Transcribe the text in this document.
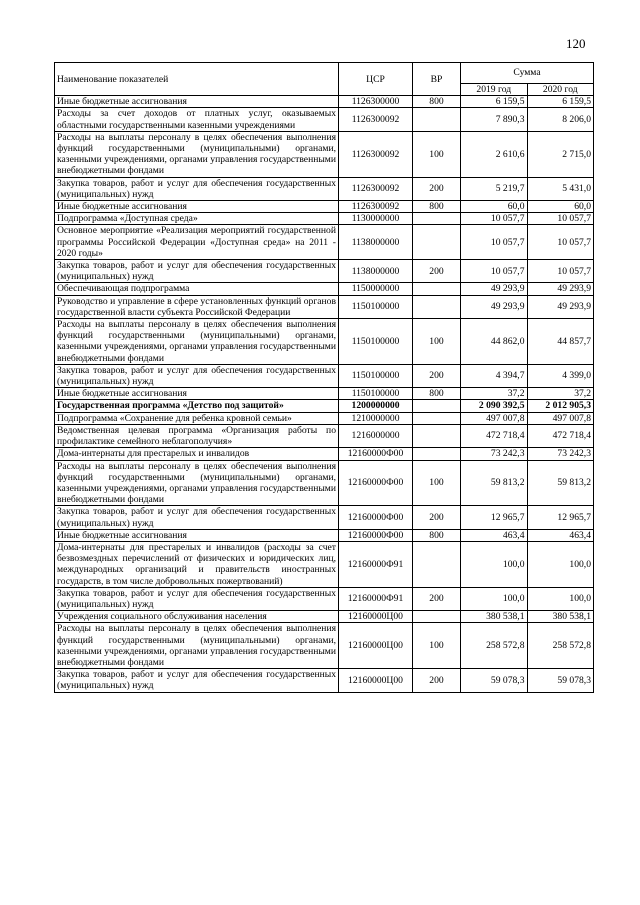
120
Наименование показателей	ЦСР	ВР	Сумма	
			2019 год	2020 год
Иные бюджетные ассигнования	1126300000	800	6 159,5	6 159,5
Расходы за счет доходов от платных услуг, оказываемых областными государственными казенными учреждениями	1126300092		7 890,3	8 206,0
Расходы на выплаты персоналу в целях обеспечения выполнения функций государственными (муниципальными) органами, казенными учреждениями, органами управления государственными внебюджетными фондами	1126300092	100	2 610,6	2 715,0
Закупка товаров, работ и услуг для обеспечения государственных (муниципальных) нужд	1126300092	200	5 219,7	5 431,0
Иные бюджетные ассигнования	1126300092	800	60,0	60,0
Подпрограмма «Доступная среда»	1130000000		10 057,7	10 057,7
Основное мероприятие «Реализация мероприятий государственной программы Российской Федерации «Доступная среда» на 2011 - 2020 годы»	1138000000		10 057,7	10 057,7
Закупка товаров, работ и услуг для обеспечения государственных (муниципальных) нужд	1138000000	200	10 057,7	10 057,7
Обеспечивающая подпрограмма	1150000000		49 293,9	49 293,9
Руководство и управление в сфере установленных функций органов государственной власти субъекта Российской Федерации	1150100000		49 293,9	49 293,9
Расходы на выплаты персоналу в целях обеспечения выполнения функций государственными (муниципальными) органами, казенными учреждениями, органами управления государственными внебюджетными фондами	1150100000	100	44 862,0	44 857,7
Закупка товаров, работ и услуг для обеспечения государственных (муниципальных) нужд	1150100000	200	4 394,7	4 399,0
Иные бюджетные ассигнования	1150100000	800	37,2	37,2
Государственная программа «Детство под защитой»	1200000000		2 090 392,5	2 012 905,3
Подпрограмма «Сохранение для ребенка кровной семьи»	1210000000		497 007,8	497 007,8
Ведомственная целевая программа «Организация работы по профилактике семейного неблагополучия»	1216000000		472 718,4	472 718,4
Дома-интернаты для престарелых и инвалидов	12160000Ф00		73 242,3	73 242,3
Расходы на выплаты персоналу в целях обеспечения выполнения функций государственными (муниципальными) органами, казенными учреждениями, органами управления государственными внебюджетными фондами	12160000Ф00	100	59 813,2	59 813,2
Закупка товаров, работ и услуг для обеспечения государственных (муниципальных) нужд	12160000Ф00	200	12 965,7	12 965,7
Иные бюджетные ассигнования	12160000Ф00	800	463,4	463,4
Дома-интернаты для престарелых и инвалидов (расходы за счет безвозмездных перечислений от физических и юридических лиц, международных организаций и правительств иностранных государств, в том числе добровольных пожертвований)	12160000Ф91		100,0	100,0
Закупка товаров, работ и услуг для обеспечения государственных (муниципальных) нужд	12160000Ф91	200	100,0	100,0
Учреждения социального обслуживания населения	12160000Ц00		380 538,1	380 538,1
Расходы на выплаты персоналу в целях обеспечения выполнения функций государственными (муниципальными) органами, казенными учреждениями, органами управления государственными внебюджетными фондами	12160000Ц00	100	258 572,8	258 572,8
Закупка товаров, работ и услуг для обеспечения государственных (муниципальных) нужд	12160000Ц00	200	59 078,3	59 078,3
